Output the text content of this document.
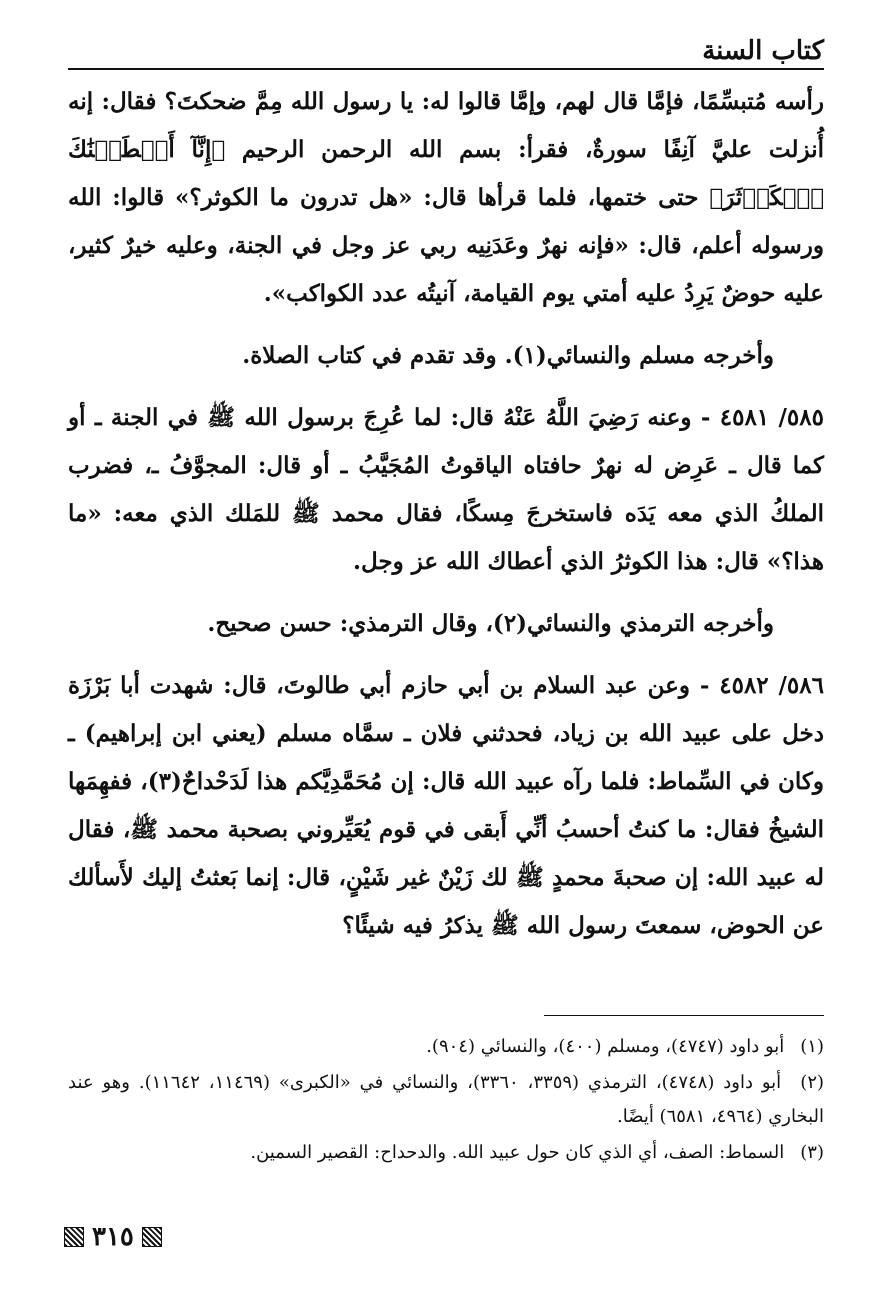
كتاب السنة

رأسه مُتبسِّمًا، فإمَّا قال لهم، وإمَّا قالوا له: يا رسول الله مِمَّ ضحكتَ؟ فقال: إنه أُنزلت عليَّ آنِفًا سورةٌ، فقرأ: بسم الله الرحمن الرحيم ﴿إِنَّآ أَعۡطَيۡنَٰكَ ٱلۡكَوۡثَرَ﴾ حتى ختمها، فلما قرأها قال: «هل تدرون ما الكوثر؟» قالوا: الله ورسوله أعلم، قال: «فإنه نهرٌ وعَدَنِيه ربي عز وجل في الجنة، وعليه خيرٌ كثير، عليه حوضٌ يَرِدُ عليه أمتي يوم القيامة، آنيتُه عدد الكواكب».

وأخرجه مسلم والنسائي(١). وقد تقدم في كتاب الصلاة.

٥٨٥/ ٤٥٨١ - وعنه رَضِيَ اللَّهُ عَنْهُ قال: لما عُرِجَ برسول الله ﷺ في الجنة ـ أو كما قال ـ عَرِض له نهرٌ حافتاه الياقوتُ المُجَيَّبُ ـ أو قال: المجوَّفُ ـ، فضرب الملكُ الذي معه يَدَه فاستخرجَ مِسكًا، فقال محمد ﷺ للمَلك الذي معه: «ما هذا؟» قال: هذا الكوثرُ الذي أعطاك الله عز وجل.

وأخرجه الترمذي والنسائي(٢)، وقال الترمذي: حسن صحيح.

٥٨٦/ ٤٥٨٢ - وعن عبد السلام بن أبي حازم أبي طالوتَ، قال: شهدت أبا بَرْزَة دخل على عبيد الله بن زياد، فحدثني فلان ـ سمَّاه مسلم (يعني ابن إبراهيم) ـ وكان في السِّماط: فلما رآه عبيد الله قال: إن مُحَمَّدِيَّكم هذا لَدَحْداحٌ(٣)، ففهِمَها الشيخُ فقال: ما كنتُ أحسبُ أنِّي أَبقى في قوم يُعَيِّروني بصحبة محمد ﷺ، فقال له عبيد الله: إن صحبةَ محمدٍ ﷺ لك زَيْنٌ غير شَيْنٍ، قال: إنما بَعثتُ إليك لأَسألك عن الحوض، سمعتَ رسول الله ﷺ يذكرُ فيه شيئًا؟

(١) أبو داود (٤٧٤٧)، ومسلم (٤٠٠)، والنسائي (٩٠٤).

(٢) أبو داود (٤٧٤٨)، الترمذي (٣٣٥٩، ٣٣٦٠)، والنسائي في «الكبرى» (١١٤٦٩، ١١٦٤٢). وهو عند البخاري (٤٩٦٤، ٦٥٨١) أيضًا.

(٣) السماط: الصف، أي الذي كان حول عبيد الله. والدحداح: القصير السمين.

٣١٥
